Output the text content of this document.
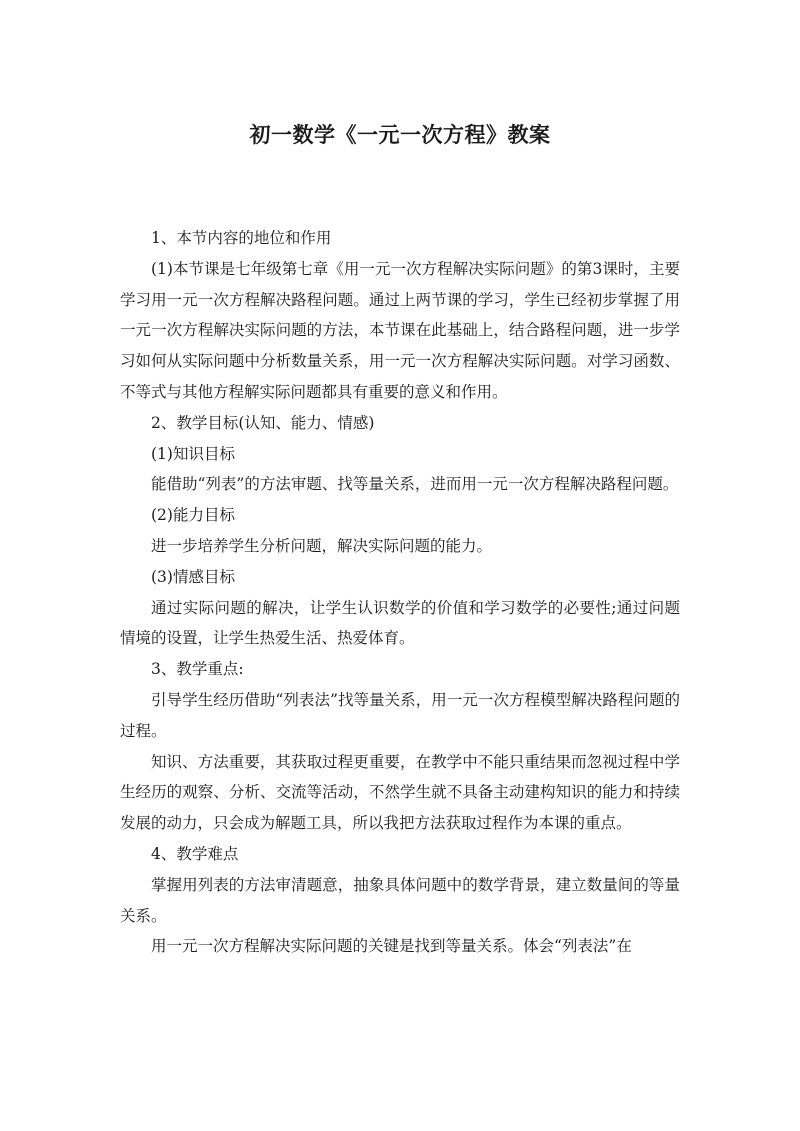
初一数学《一元一次方程》教案

1、本节内容的地位和作用

(1)本节课是七年级第七章《用一元一次方程解决实际问题》的第3课时，主要学习用一元一次方程解决路程问题。通过上两节课的学习，学生已经初步掌握了用一元一次方程解决实际问题的方法，本节课在此基础上，结合路程问题，进一步学习如何从实际问题中分析数量关系，用一元一次方程解决实际问题。对学习函数、不等式与其他方程解实际问题都具有重要的意义和作用。

2、教学目标(认知、能力、情感)

(1)知识目标

能借助“列表”的方法审题、找等量关系，进而用一元一次方程解决路程问题。

(2)能力目标

进一步培养学生分析问题，解决实际问题的能力。

(3)情感目标

通过实际问题的解决，让学生认识数学的价值和学习数学的必要性;通过问题情境的设置，让学生热爱生活、热爱体育。

3、教学重点:

引导学生经历借助“列表法”找等量关系，用一元一次方程模型解决路程问题的过程。

知识、方法重要，其获取过程更重要，在教学中不能只重结果而忽视过程中学生经历的观察、分析、交流等活动，不然学生就不具备主动建构知识的能力和持续发展的动力，只会成为解题工具，所以我把方法获取过程作为本课的重点。

4、教学难点

掌握用列表的方法审清题意，抽象具体问题中的数学背景，建立数量间的等量关系。

用一元一次方程解决实际问题的关键是找到等量关系。体会“列表法”在
